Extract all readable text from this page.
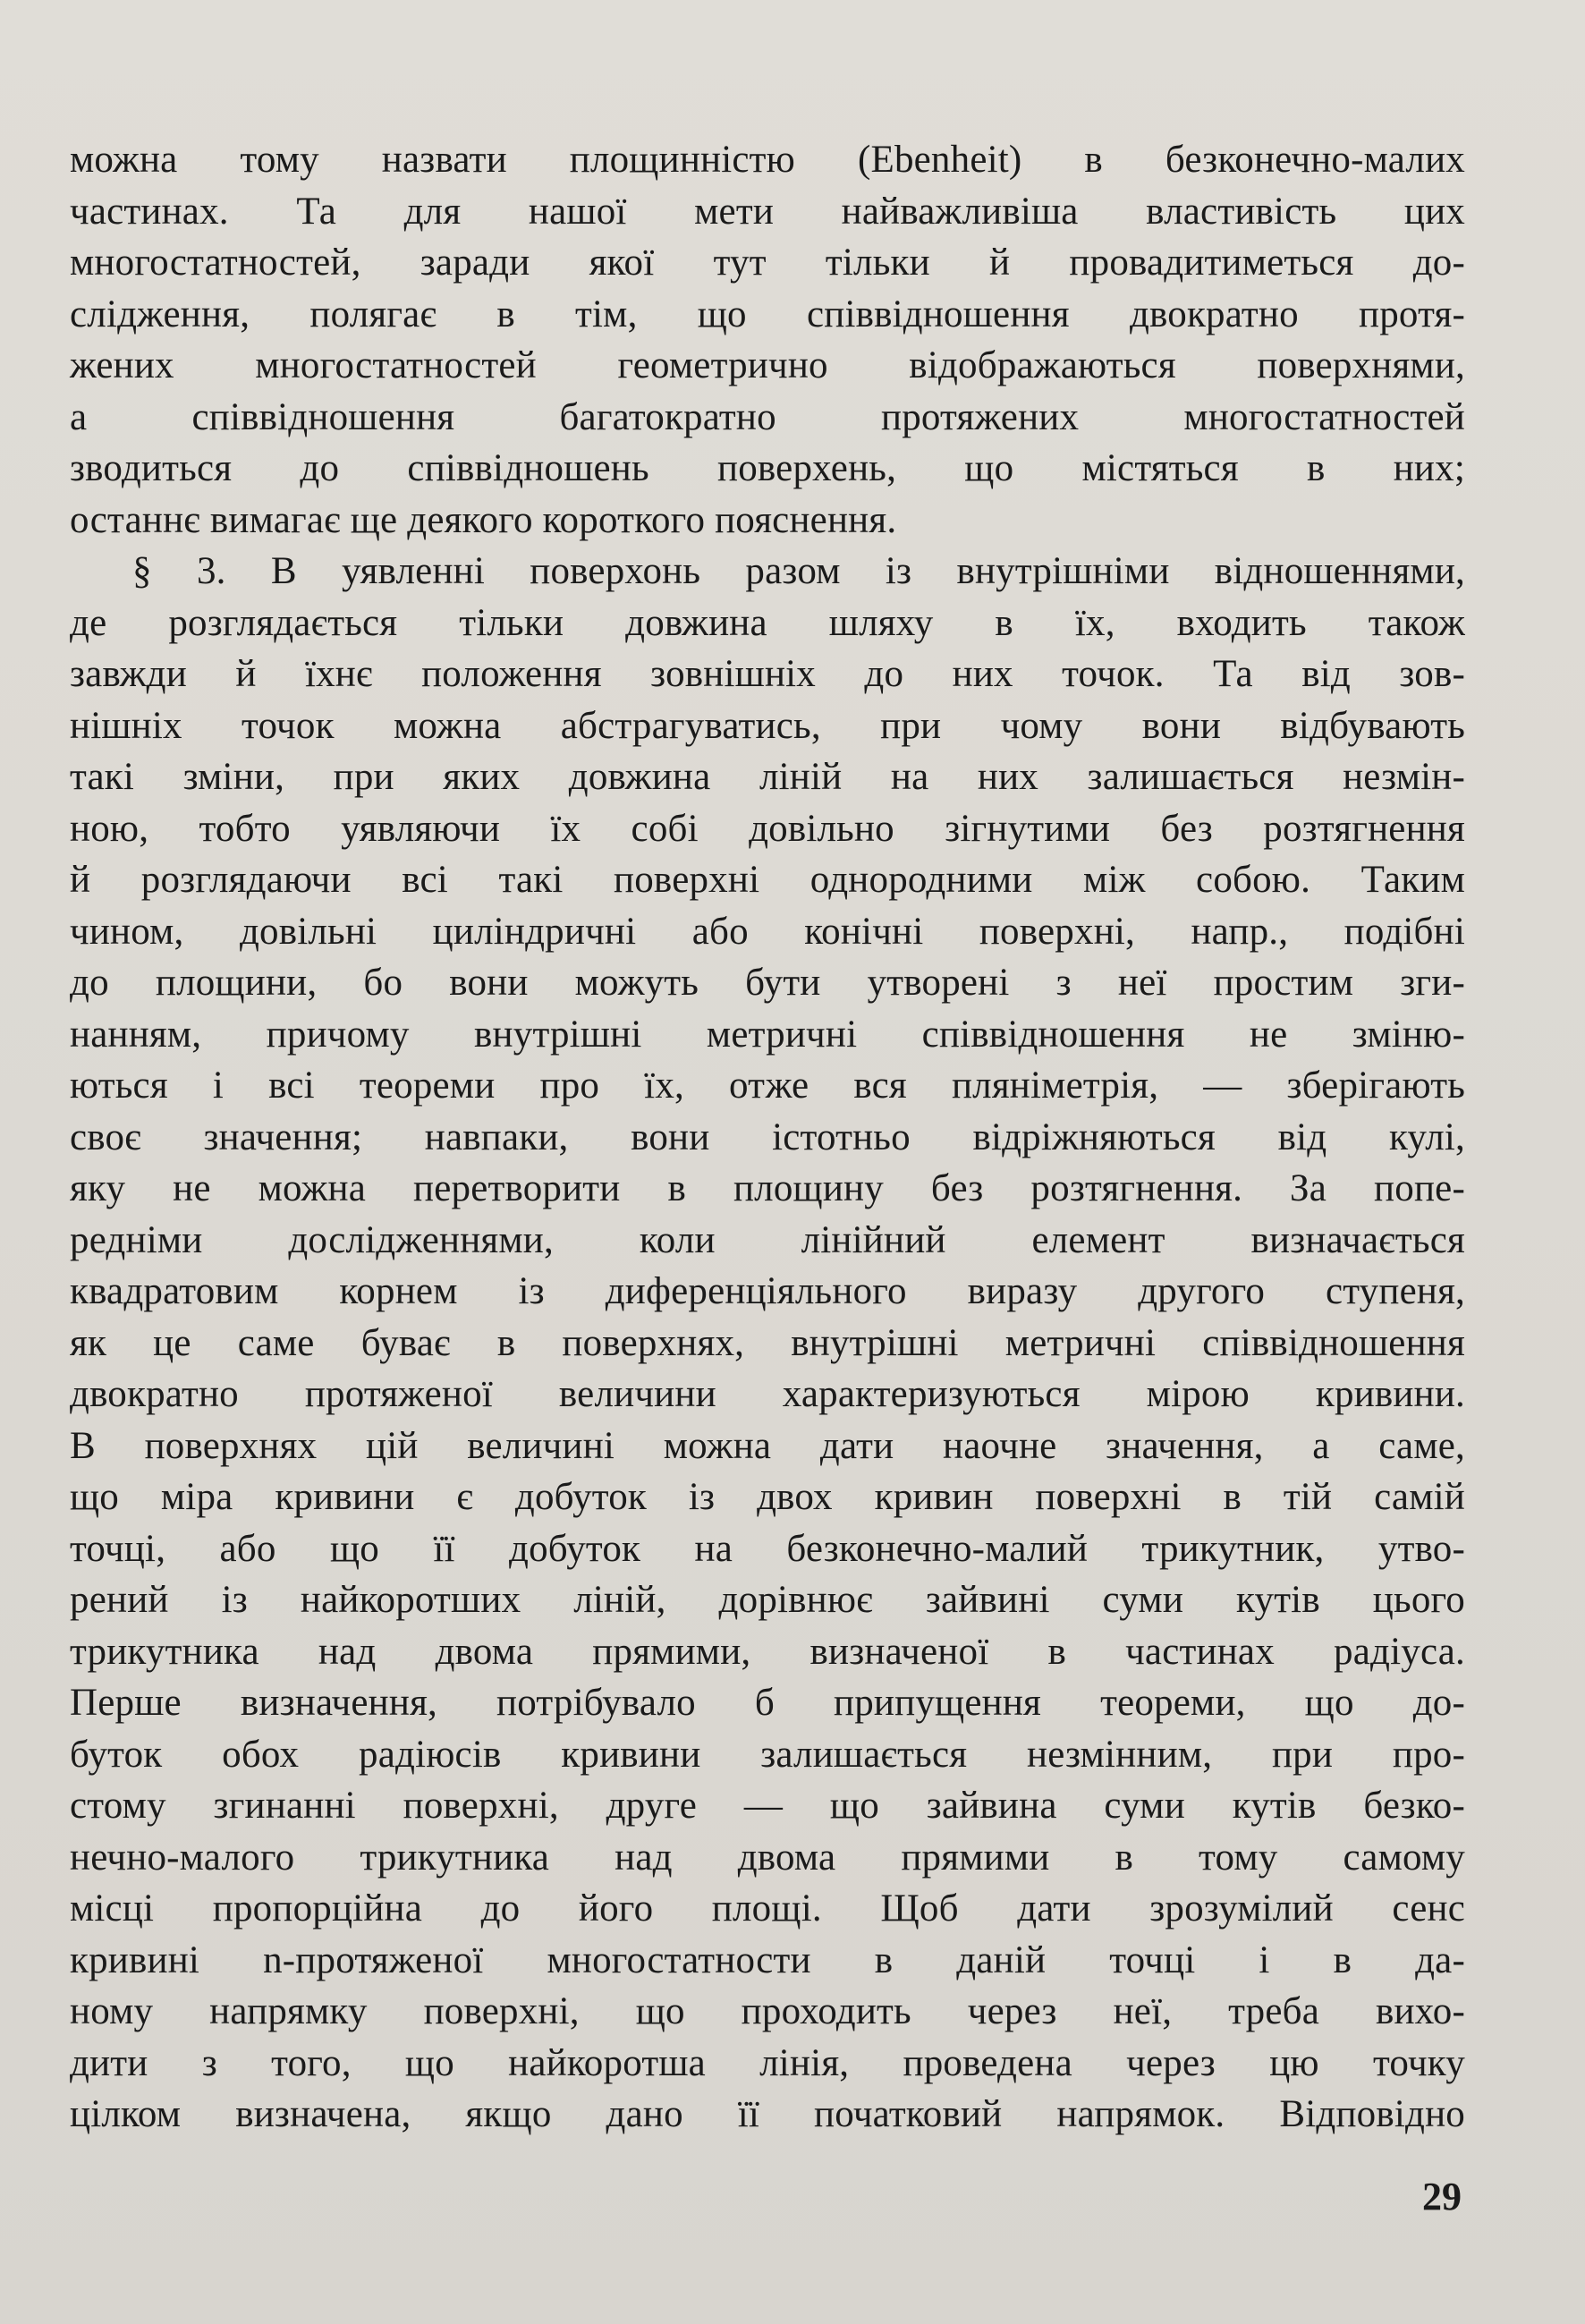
можна тому назвати площинністю (Ebenheit) в безконечно-малих
частинах. Та для нашої мети найважливіша властивість цих
многостатностей, заради якої тут тільки й провадитиметься до-
слідження, полягає в тім, що співвідношення двократно протя-
жених многостатностей геометрично відображаються поверхнями,
а співвідношення багатократно протяжених многостатностей
зводиться до співвідношень поверхень, що містяться в них;
останнє вимагає ще деякого короткого пояснення.
§ 3. В уявленні поверхонь разом із внутрішніми відношеннями,
де розглядається тільки довжина шляху в їх, входить також
завжди й їхнє положення зовнішніх до них точок. Та від зов-
нішніх точок можна абстрагуватись, при чому вони відбувають
такі зміни, при яких довжина ліній на них залишається незмін-
ною, тобто уявляючи їх собі довільно зігнутими без розтягнення
й розглядаючи всі такі поверхні однородними між собою. Таким
чином, довільні циліндричні або конічні поверхні, напр., подібні
до площини, бо вони можуть бути утворені з неї простим зги-
нанням, причому внутрішні метричні співвідношення не зміню-
ються і всі теореми про їх, отже вся пляніметрія, — зберігають
своє значення; навпаки, вони істотньо відріжняються від кулі,
яку не можна перетворити в площину без розтягнення. За попе-
редніми дослідженнями, коли лінійний елемент визначається
квадратовим корнем із диференціяльного виразу другого ступеня,
як це саме буває в поверхнях, внутрішні метричні співвідношення
двократно протяженої величини характеризуються мірою кривини.
В поверхнях цій величині можна дати наочне значення, а саме,
що міра кривини є добуток із двох кривин поверхні в тій самій
точці, або що її добуток на безконечно-малий трикутник, утво-
рений із найкоротших ліній, дорівнює зайвині суми кутів цього
трикутника над двома прямими, визначеної в частинах радіуса.
Перше визначення, потрібувало б припущення теореми, що до-
буток обох радіюсів кривини залишається незмінним, при про-
стому згинанні поверхні, друге — що зайвина суми кутів безко-
нечно-малого трикутника над двома прямими в тому самому
місці пропорційна до його площі. Щоб дати зрозумілий сенс
кривині n-протяженої многостатности в даній точці і в да-
ному напрямку поверхні, що проходить через неї, треба вихо-
дити з того, що найкоротша лінія, проведена через цю точку
цілком визначена, якщо дано її початковий напрямок. Відповідно
29
